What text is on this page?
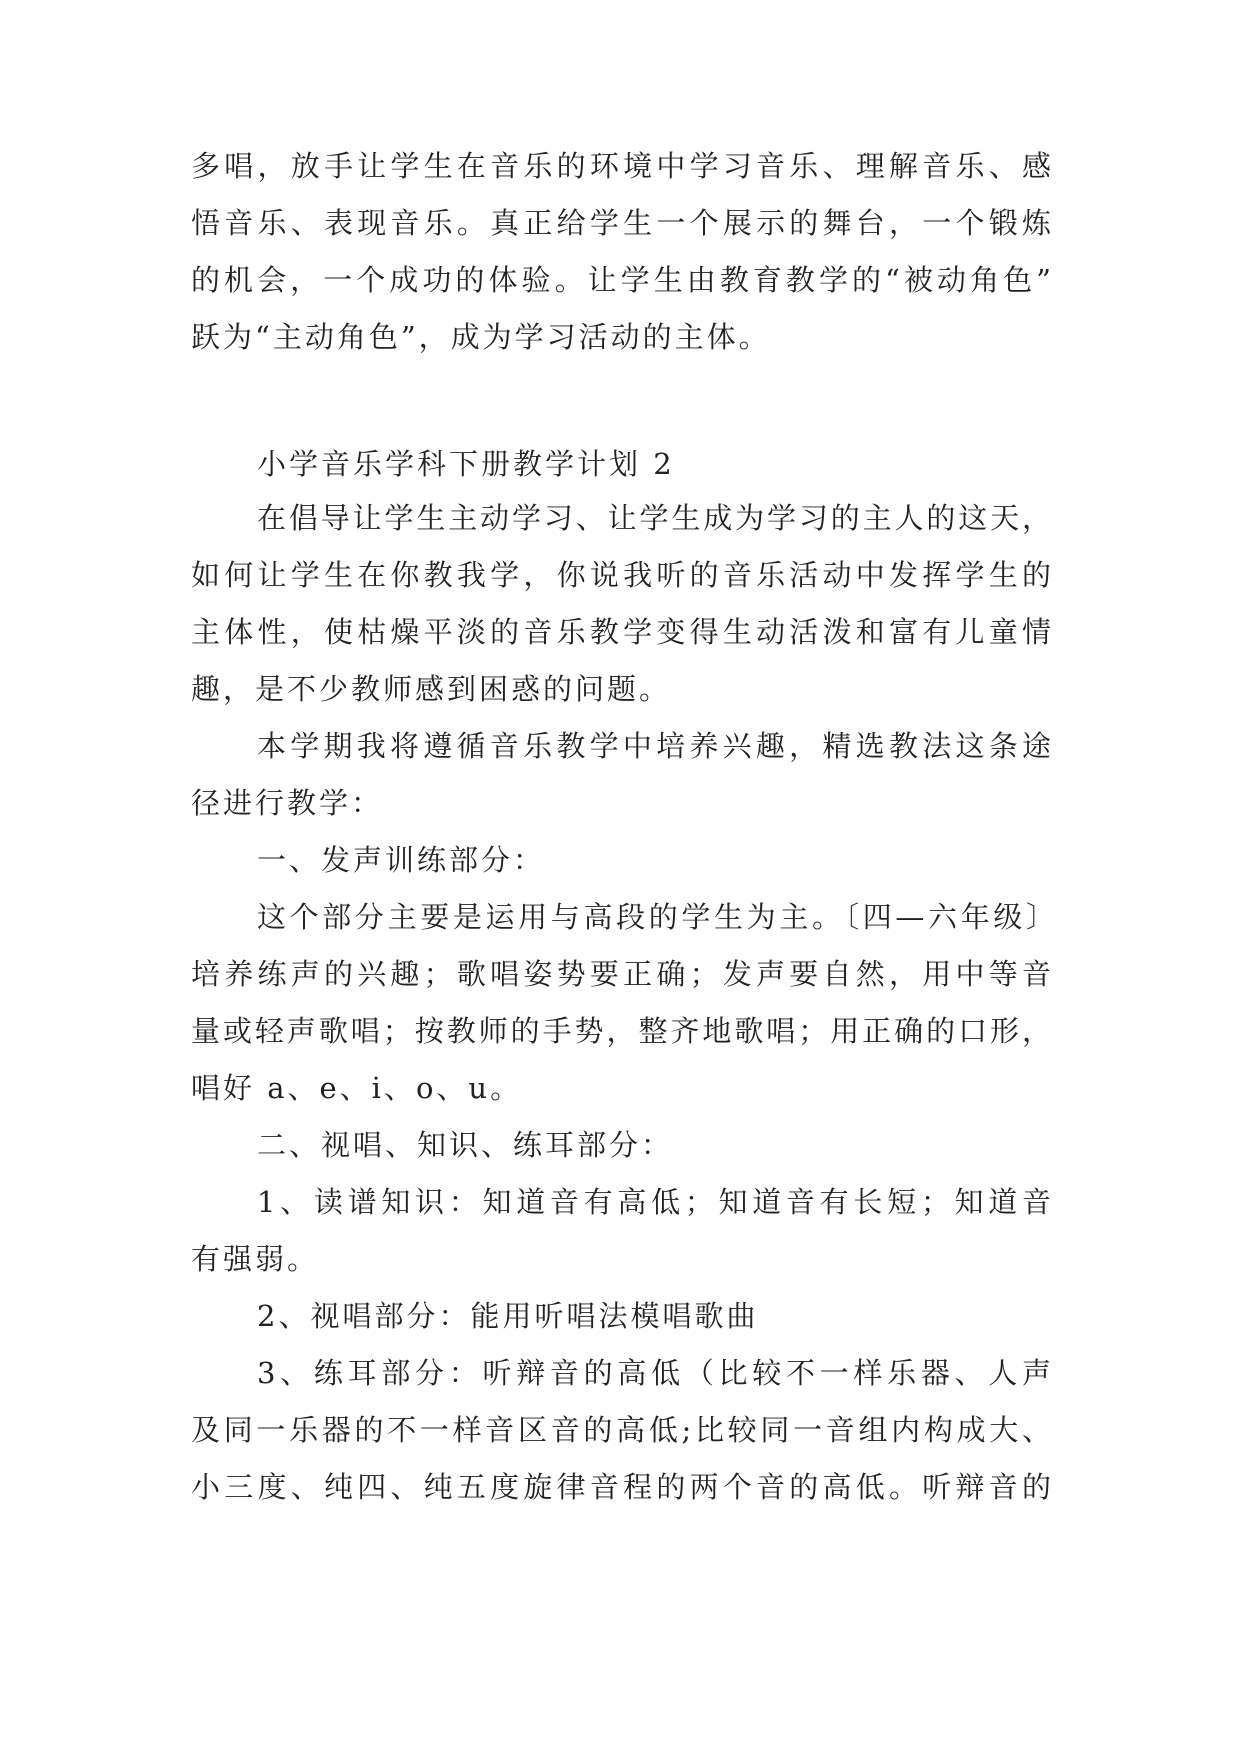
多唱，放手让学生在音乐的环境中学习音乐、理解音乐、感
悟音乐、表现音乐。真正给学生一个展示的舞台，一个锻炼
的机会，一个成功的体验。让学生由教育教学的“被动角色”
跃为“主动角色”，成为学习活动的主体。
小学音乐学科下册教学计划 2
在倡导让学生主动学习、让学生成为学习的主人的这天，
如何让学生在你教我学，你说我听的音乐活动中发挥学生的
主体性，使枯燥平淡的音乐教学变得生动活泼和富有儿童情
趣，是不少教师感到困惑的问题。
本学期我将遵循音乐教学中培养兴趣，精选教法这条途
径进行教学：
一、发声训练部分：
这个部分主要是运用与高段的学生为主。〔四—六年级〕
培养练声的兴趣；歌唱姿势要正确；发声要自然，用中等音
量或轻声歌唱；按教师的手势，整齐地歌唱；用正确的口形，
唱好 a、e、i、o、u。
二、视唱、知识、练耳部分：
1、读谱知识：知道音有高低；知道音有长短；知道音
有强弱。
2、视唱部分：能用听唱法模唱歌曲
3、练耳部分：听辩音的高低（比较不一样乐器、人声
及同一乐器的不一样音区音的高低;比较同一音组内构成大、
小三度、纯四、纯五度旋律音程的两个音的高低。听辩音的
